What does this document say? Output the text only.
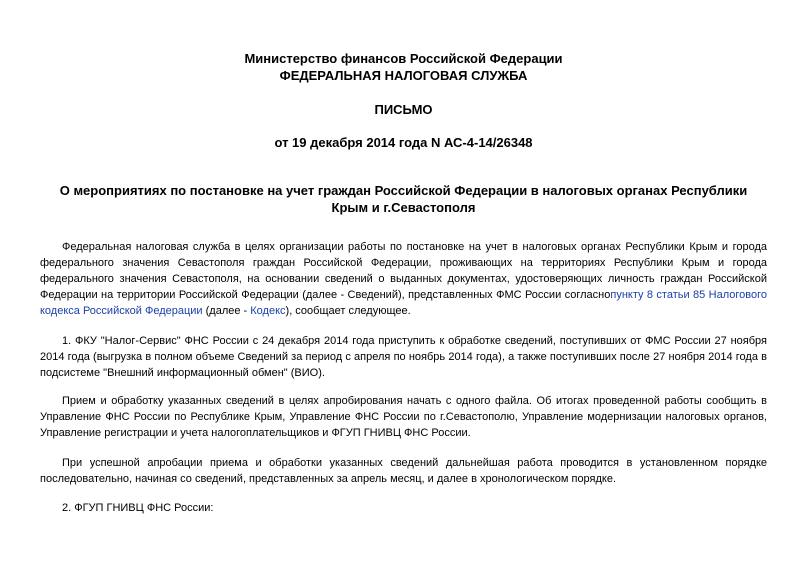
Министерство финансов Российской Федерации
ФЕДЕРАЛЬНАЯ НАЛОГОВАЯ СЛУЖБА
ПИСЬМО
от 19 декабря 2014 года N АС-4-14/26348
О мероприятиях по постановке на учет граждан Российской Федерации в налоговых органах Республики Крым и г.Севастополя
Федеральная налоговая служба в целях организации работы по постановке на учет в налоговых органах Республики Крым и города федерального значения Севастополя граждан Российской Федерации, проживающих на территориях Республики Крым и города федерального значения Севастополя, на основании сведений о выданных документах, удостоверяющих личность граждан Российской Федерации на территории Российской Федерации (далее - Сведений), представленных ФМС России согласнопункту 8 статьи 85 Налогового кодекса Российской Федерации (далее - Кодекс), сообщает следующее.
1. ФКУ "Налог-Сервис" ФНС России с 24 декабря 2014 года приступить к обработке сведений, поступивших от ФМС России 27 ноября 2014 года (выгрузка в полном объеме Сведений за период с апреля по ноябрь 2014 года), а также поступивших после 27 ноября 2014 года в подсистеме "Внешний информационный обмен" (ВИО).
Прием и обработку указанных сведений в целях апробирования начать с одного файла. Об итогах проведенной работы сообщить в Управление ФНС России по Республике Крым, Управление ФНС России по г.Севастополю, Управление модернизации налоговых органов, Управление регистрации и учета налогоплательщиков и ФГУП ГНИВЦ ФНС России.
При успешной апробации приема и обработки указанных сведений дальнейшая работа проводится в установленном порядке последовательно, начиная со сведений, представленных за апрель месяц, и далее в хронологическом порядке.
2. ФГУП ГНИВЦ ФНС России:
